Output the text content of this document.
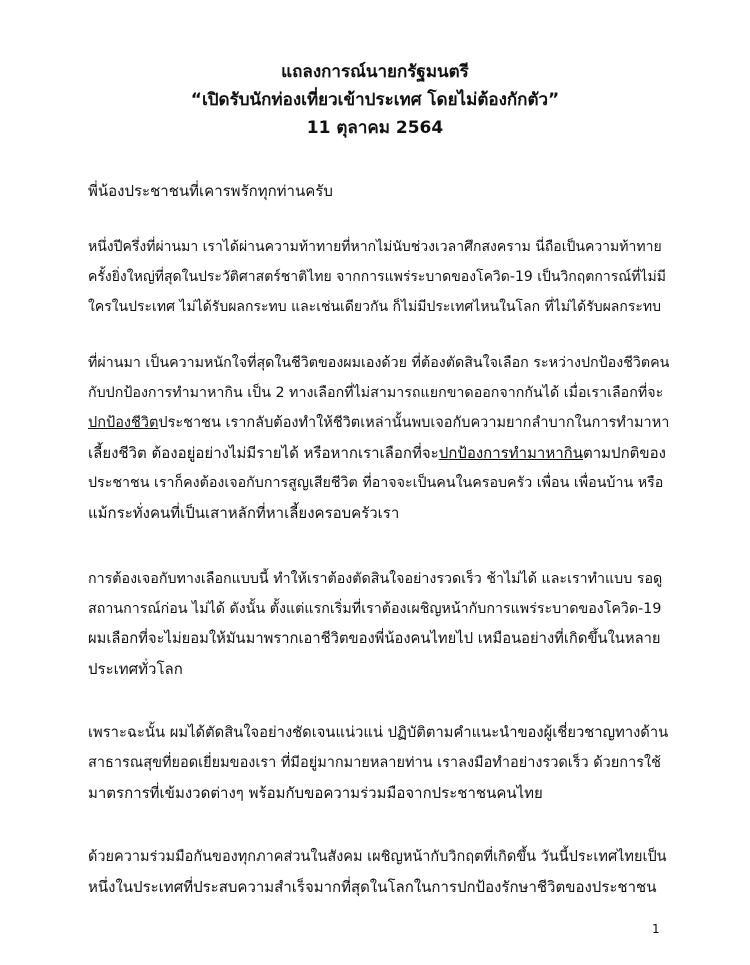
แถลงการณ์นายกรัฐมนตรี
“เปิดรับนักท่องเที่ยวเข้าประเทศ โดยไม่ต้องกักตัว”
11 ตุลาคม 2564
พี่น้องประชาชนที่เคารพรักทุกท่านครับ
หนึ่งปีครึ่งที่ผ่านมา เราได้ผ่านความท้าทายที่หากไม่นับช่วงเวลาศึกสงคราม นี่ถือเป็นความท้าทาย
ครั้งยิ่งใหญ่ที่สุดในประวัติศาสตร์ชาติไทย จากการแพร่ระบาดของโควิด-19 เป็นวิกฤตการณ์ที่ไม่มี
ใครในประเทศ ไม่ได้รับผลกระทบ และเช่นเดียวกัน ก็ไม่มีประเทศไหนในโลก ที่ไม่ได้รับผลกระทบ
ที่ผ่านมา เป็นความหนักใจที่สุดในชีวิตของผมเองด้วย ที่ต้องตัดสินใจเลือก ระหว่างปกป้องชีวิตคน
กับปกป้องการทำมาหากิน เป็น 2 ทางเลือกที่ไม่สามารถแยกขาดออกจากกันได้ เมื่อเราเลือกที่จะ
ปกป้องชีวิตประชาชน เรากลับต้องทำให้ชีวิตเหล่านั้นพบเจอกับความยากลำบากในการทำมาหา
เลี้ยงชีวิต ต้องอยู่อย่างไม่มีรายได้ หรือหากเราเลือกที่จะปกป้องการทำมาหากินตามปกติของ
ประชาชน เราก็คงต้องเจอกับการสูญเสียชีวิต ที่อาจจะเป็นคนในครอบครัว เพื่อน เพื่อนบ้าน หรือ
แม้กระทั่งคนที่เป็นเสาหลักที่หาเลี้ยงครอบครัวเรา
การต้องเจอกับทางเลือกแบบนี้ ทำให้เราต้องตัดสินใจอย่างรวดเร็ว ช้าไม่ได้ และเราทำแบบ รอดู
สถานการณ์ก่อน ไม่ได้ ดังนั้น ตั้งแต่แรกเริ่มที่เราต้องเผชิญหน้ากับการแพร่ระบาดของโควิด-19
ผมเลือกที่จะไม่ยอมให้มันมาพรากเอาชีวิตของพี่น้องคนไทยไป เหมือนอย่างที่เกิดขึ้นในหลาย
ประเทศทั่วโลก
เพราะฉะนั้น ผมได้ตัดสินใจอย่างชัดเจนแน่วแน่ ปฏิบัติตามคำแนะนำของผู้เชี่ยวชาญทางด้าน
สาธารณสุขที่ยอดเยี่ยมของเรา ที่มีอยู่มากมายหลายท่าน เราลงมือทำอย่างรวดเร็ว ด้วยการใช้
มาตรการที่เข้มงวดต่างๆ พร้อมกับขอความร่วมมือจากประชาชนคนไทย
ด้วยความร่วมมือกันของทุกภาคส่วนในสังคม เผชิญหน้ากับวิกฤตที่เกิดขึ้น วันนี้ประเทศไทยเป็น
หนึ่งในประเทศที่ประสบความสำเร็จมากที่สุดในโลกในการปกป้องรักษาชีวิตของประชาชน
1
